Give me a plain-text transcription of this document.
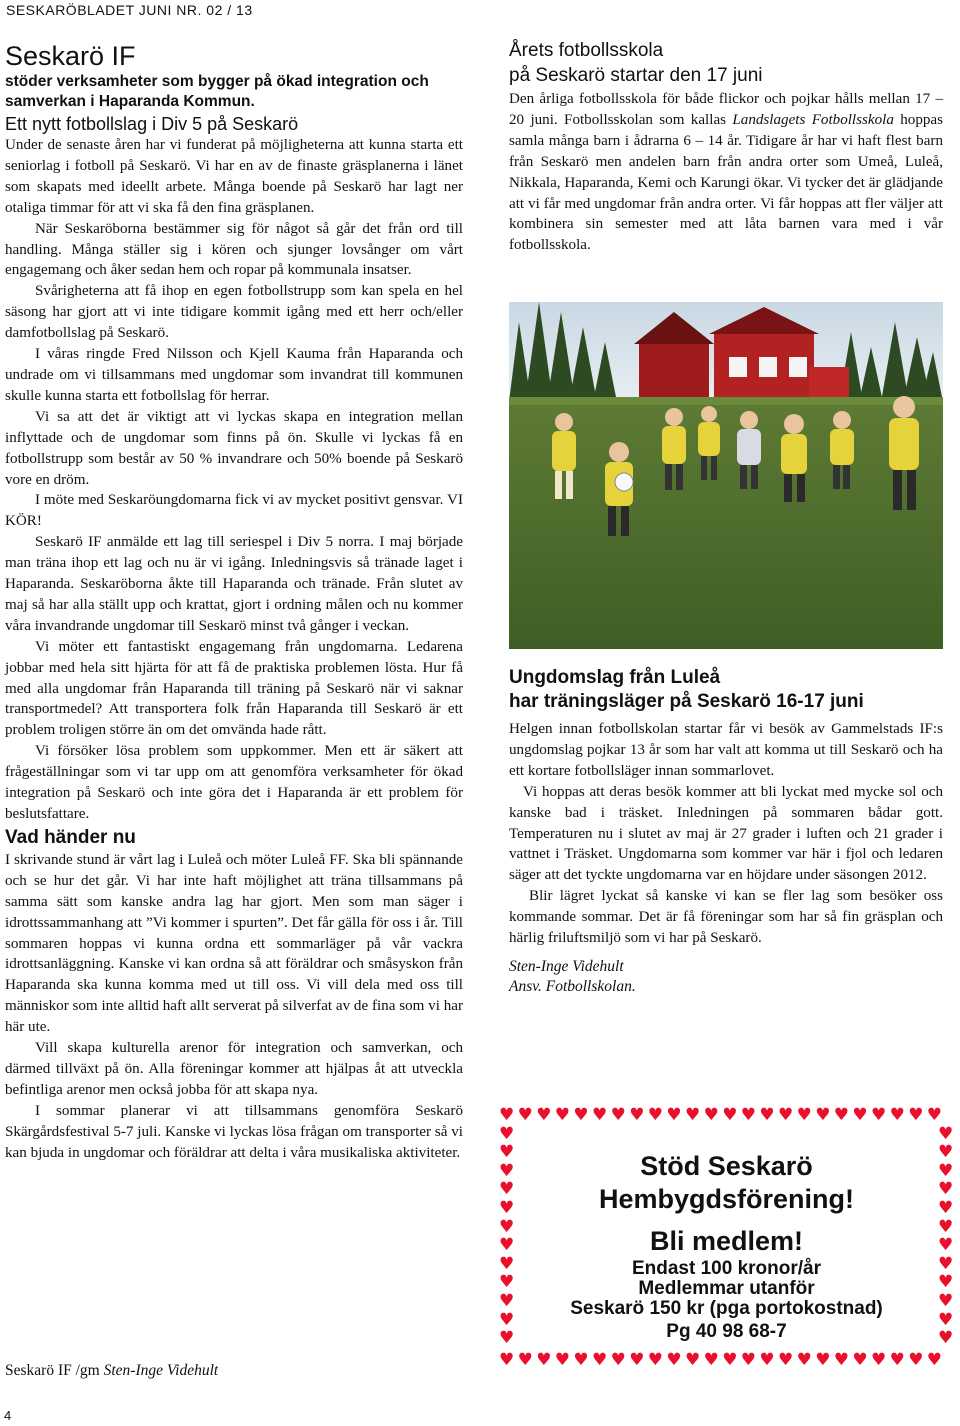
SESKARÖBLADET JUNI NR. 02 / 13
Seskarö IF
stöder verksamheter som bygger på ökad integration och samverkan i Haparanda Kommun.
Ett nytt fotbollslag i Div 5 på Seskarö

Under de senaste åren har vi funderat på möjligheterna att kunna starta ett seniorlag i fotboll på Seskarö. Vi har en av de finaste gräsplanerna i länet som skapats med ideellt arbete. Många boende på Seskarö har lagt ner otaliga timmar för att vi ska få den fina gräsplanen.

När Seskaröborna bestämmer sig för något så går det från ord till handling. Många ställer sig i kören och sjunger lovsånger om vårt engagemang och åker sedan hem och ropar på kommunala insatser.

Svårigheterna att få ihop en egen fotbollstrupp som kan spela en hel säsong har gjort att vi inte tidigare kommit igång med ett herr och/eller damfotbollslag på Seskarö.

I våras ringde Fred Nilsson och Kjell Kauma från Haparanda och undrade om vi tillsammans med ungdomar som invandrat till kommunen skulle kunna starta ett fotbollslag för herrar.

Vi sa att det är viktigt att vi lyckas skapa en integration mellan inflyttade och de ungdomar som finns på ön. Skulle vi lyckas få en fotbollstrupp som består av 50 % invandrare och 50% boende på Seskarö vore en dröm.

I möte med Seskaröungdomarna fick vi av mycket positivt gensvar. VI KÖR!

Seskarö IF anmälde ett lag till seriespel i Div 5 norra. I maj började man träna ihop ett lag och nu är vi igång. Inledningsvis så tränade laget i Haparanda. Seskaröborna åkte till Haparanda och tränade. Från slutet av maj så har alla ställt upp och krattat, gjort i ordning målen och nu kommer våra invandrande ungdomar till Seskarö minst två gånger i veckan.

Vi möter ett fantastiskt engagemang från ungdomarna. Ledarena jobbar med hela sitt hjärta för att få de praktiska problemen lösta. Hur få med alla ungdomar från Haparanda till träning på Seskarö när vi saknar transportmedel? Att transportera folk från Haparanda till Seskarö är ett problem troligen större än om det omvända hade rått.

Vi försöker lösa problem som uppkommer. Men ett är säkert att frågeställningar som vi tar upp om att genomföra verksamheter för ökad integration på Seskarö och inte göra det i Haparanda är ett problem för beslutsfattare.

Vad händer nu

I skrivande stund är vårt lag i Luleå och möter Luleå FF. Ska bli spännande och se hur det går. Vi har inte haft möjlighet att träna tillsammans på samma sätt som kanske andra lag har gjort. Men som man säger i idrottssammanhang att ”Vi kommer i spurten”. Det får gälla för oss i år. Till sommaren hoppas vi kunna ordna ett sommarläger på vår vackra idrottsanläggning. Kanske vi kan ordna så att föräldrar och småsyskon från Haparanda ska kunna komma med ut till oss. Vi vill dela med oss till människor som inte alltid haft allt serverat på silverfat av de fina som vi har här ute.

Vill skapa kulturella arenor för integration och samverkan, och därmed tillväxt på ön. Alla föreningar kommer att hjälpas åt att utveckla befintliga arenor men också jobba för att skapa nya.

I sommar planerar vi att tillsammans genomföra Seskarö Skärgårdsfestival 5-7 juli. Kanske vi lyckas lösa frågan om transporter så vi kan bjuda in ungdomar och föräldrar att delta i våra musikaliska aktiviteter.

Seskarö IF /gm Sten-Inge Videhult
Årets fotbollsskola
på Seskarö startar den 17 juni

Den årliga fotbollsskola för både flickor och pojkar hålls mellan 17 – 20 juni. Fotbollsskolan som kallas Landslagets Fotbollsskola hoppas samla många barn i ådrarna 6 – 14 år. Tidigare år har vi haft flest barn från Seskarö men andelen barn från andra orter som Umeå, Luleå, Nikkala, Haparanda, Kemi och Karungi ökar. Vi tycker det är glädjande att vi får med ungdomar från andra orter. Vi får hoppas att fler väljer att kombinera sin semester med att låta barnen vara med i vår fotbollsskola.

Ungdomslag från Luleå
har träningsläger på Seskarö 16-17 juni

Helgen innan fotbollskolan startar får vi besök av Gammelstads IF:s ungdomslag pojkar 13 år som har valt att komma ut till Seskarö och ha ett kortare fotbollsläger innan sommarlovet.

Vi hoppas att deras besök kommer att bli lyckat med mycke sol och kanske bad i träsket. Inledningen på sommaren bådar gott. Temperaturen nu i slutet av maj är 27 grader i luften och 21 grader i vattnet i Träsket. Ungdomarna som kommer var här i fjol och ledaren säger att det tyckte ungdomarna var en höjdare under säsongen 2012.

Blir lägret lyckat så kanske vi kan se fler lag som besöker oss kommande sommar. Det är få föreningar som har så fin gräsplan och härlig friluftsmiljö som vi har på Seskarö.

Sten-Inge Videhult
Ansv. Fotbollskolan.
♥
♥
♥
♥
♥
♥
♥
♥
♥
♥
♥
♥
♥
♥
♥
♥
♥
♥
♥
♥
♥
♥
♥
♥
♥
♥
♥
♥
♥
♥
♥
♥
♥
♥
♥
♥
♥
♥
♥
♥
♥
♥
♥
♥
♥
♥
♥
♥
♥	♥
♥	♥
♥	♥
♥	♥
♥	♥
♥	♥
♥	♥
♥	♥
♥	♥
♥	♥
♥	♥
♥	♥
Stöd Seskarö
Hembygdsförening!
Bli medlem!
Endast 100 kronor/år
Medlemmar utanför
Seskarö 150 kr (pga portokostnad)
Pg 40 98 68-7
4
